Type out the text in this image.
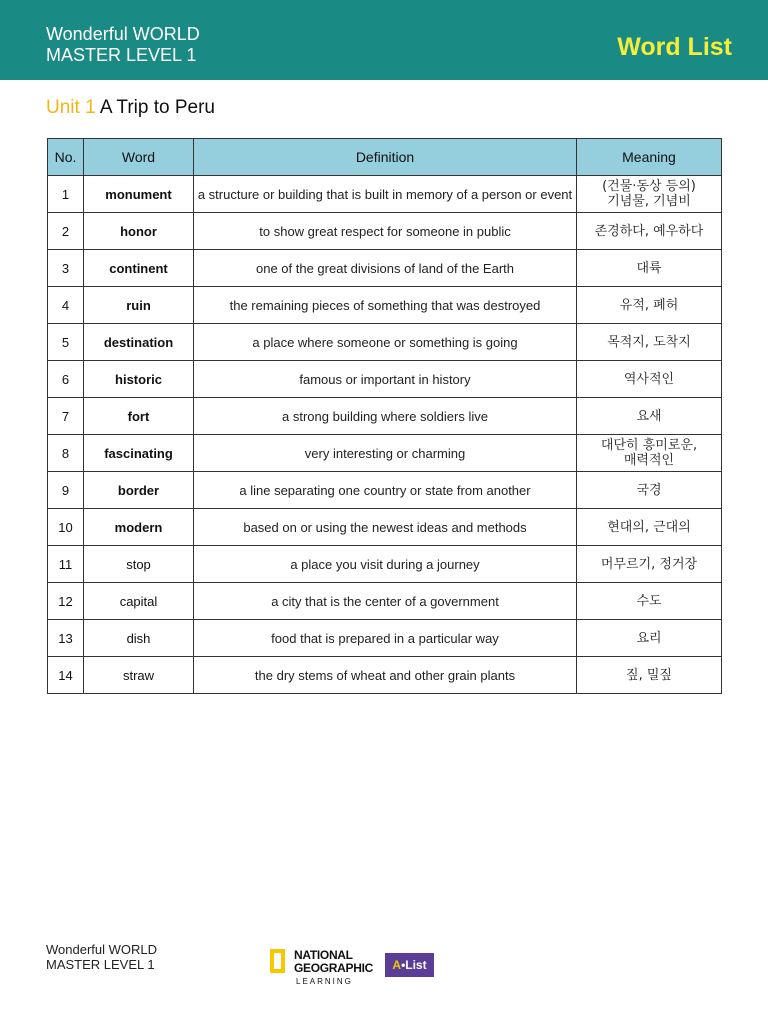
Wonderful WORLD
MASTER LEVEL 1	Word List
Unit 1 A Trip to Peru
No.	Word	Definition	Meaning
1	monument	a structure or building that is built in memory of a person or event	(건물·동상 등의)
기념물, 기념비
2	honor	to show great respect for someone in public	존경하다, 예우하다
3	continent	one of the great divisions of land of the Earth	대륙
4	ruin	the remaining pieces of something that was destroyed	유적, 폐허
5	destination	a place where someone or something is going	목적지, 도착지
6	historic	famous or important in history	역사적인
7	fort	a strong building where soldiers live	요새
8	fascinating	very interesting or charming	대단히 흥미로운,
매력적인
9	border	a line separating one country or state from another	국경
10	modern	based on or using the newest ideas and methods	현대의, 근대의
11	stop	a place you visit during a journey	머무르기, 정거장
12	capital	a city that is the center of a government	수도
13	dish	food that is prepared in a particular way	요리
14	straw	the dry stems of wheat and other grain plants	짚, 밀짚
Wonderful WORLD
MASTER LEVEL 1
NATIONAL
GEOGRAPHIC
LEARNING
A•List
